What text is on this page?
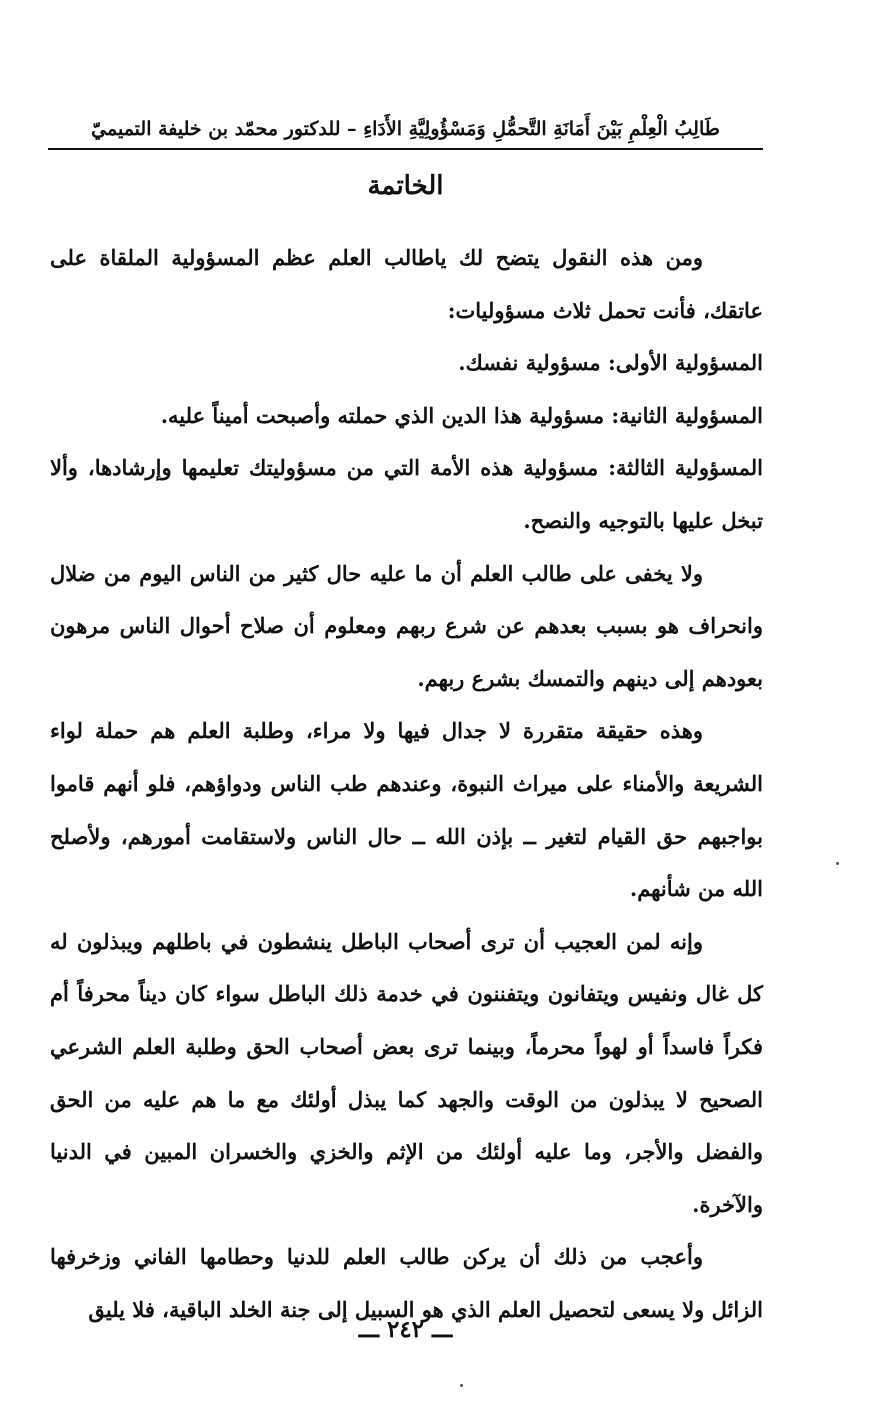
طَالِبُ الْعِلْمِ بَيْنَ أَمَانَةِ التَّحمُّلِ وَمَسْؤُولِيَّةِ الأَدَاءِ – للدكتور محمّد بن خليفة التميميّ
الخاتمة

ومن هذه النقول يتضح لك ياطالب العلم عظم المسؤولية الملقاة على عاتقك، فأنت تحمل ثلاث مسؤوليات:

المسؤولية الأولى: مسؤولية نفسك.

المسؤولية الثانية: مسؤولية هذا الدين الذي حملته وأصبحت أميناً عليه.

المسؤولية الثالثة: مسؤولية هذه الأمة التي من مسؤوليتك تعليمها وإرشادها، وألا تبخل عليها بالتوجيه والنصح.

ولا يخفى على طالب العلم أن ما عليه حال كثير من الناس اليوم من ضلال وانحراف هو بسبب بعدهم عن شرع ربهم ومعلوم أن صلاح أحوال الناس مرهون بعودهم إلى دينهم والتمسك بشرع ربهم.

وهذه حقيقة متقررة لا جدال فيها ولا مراء، وطلبة العلم هم حملة لواء الشريعة والأمناء على ميراث النبوة، وعندهم طب الناس ودواؤهم، فلو أنهم قاموا بواجبهم حق القيام لتغير ــ بإذن الله ــ حال الناس ولاستقامت أمورهم، ولأصلح الله من شأنهم.

وإنه لمن العجيب أن ترى أصحاب الباطل ينشطون في باطلهم ويبذلون له كل غال ونفيس ويتفانون ويتفننون في خدمة ذلك الباطل سواء كان ديناً محرفاً أم فكراً فاسداً أو لهواً محرماً، وبينما ترى بعض أصحاب الحق وطلبة العلم الشرعي الصحيح لا يبذلون من الوقت والجهد كما يبذل أولئك مع ما هم عليه من الحق والفضل والأجر، وما عليه أولئك من الإثم والخزي والخسران المبين في الدنيا والآخرة.

وأعجب من ذلك أن يركن طالب العلم للدنيا وحطامها الفاني وزخرفها الزائل ولا يسعى لتحصيل العلم الذي هو السبيل إلى جنة الخلد الباقية، فلا يليق

ـــ ٢٤٢ ـــ
